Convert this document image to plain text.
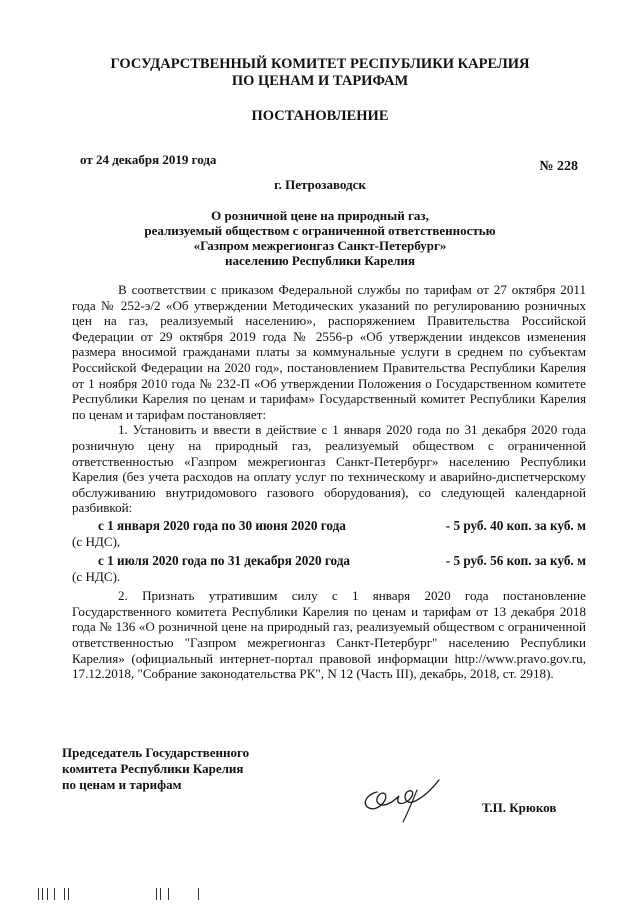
ГОСУДАРСТВЕННЫЙ КОМИТЕТ РЕСПУБЛИКИ КАРЕЛИЯ
ПО ЦЕНАМ И ТАРИФАМ
ПОСТАНОВЛЕНИЕ
от 24 декабря 2019 года	№ 228
г. Петрозаводск
О розничной цене на природный газ,
реализуемый обществом с ограниченной ответственностью
«Газпром межрегионгаз Санкт-Петербург»
населению Республики Карелия

В соответствии с приказом Федеральной службы по тарифам от 27 октября 2011 года № 252-э/2 «Об утверждении Методических указаний по регулированию розничных цен на газ, реализуемый населению», распоряжением Правительства Российской Федерации от 29 октября 2019 года № 2556-р «Об утверждении индексов изменения размера вносимой гражданами платы за коммунальные услуги в среднем по субъектам Российской Федерации на 2020 год», постановлением Правительства Республики Карелия от 1 ноября 2010 года № 232-П «Об утверждении Положения о Государственном комитете Республики Карелия по ценам и тарифам» Государственный комитет Республики Карелия по ценам и тарифам постановляет:

1. Установить и ввести в действие с 1 января 2020 года по 31 декабря 2020 года розничную цену на природный газ, реализуемый обществом с ограниченной ответственностью «Газпром межрегионгаз Санкт-Петербург» населению Республики Карелия (без учета расходов на оплату услуг по техническому и аварийно-диспетчерскому обслуживанию внутридомового газового оборудования), со следующей календарной разбивкой:

с 1 января 2020 года по 30 июня 2020 года	- 5 руб. 40 коп. за куб. м
(с НДС),
с 1 июля 2020 года по 31 декабря 2020 года	- 5 руб. 56 коп. за куб. м
(с НДС).

2. Признать утратившим силу с 1 января 2020 года постановление Государственного комитета Республики Карелия по ценам и тарифам от 13 декабря 2018 года № 136 «О розничной цене на природный газ, реализуемый обществом с ограниченной ответственностью "Газпром межрегионгаз Санкт-Петербург" населению Республики Карелия» (официальный интернет-портал правовой информации http://www.pravo.gov.ru, 17.12.2018, "Собрание законодательства РК", N 12 (Часть III), декабрь, 2018, ст. 2918).

Председатель Государственного
комитета Республики Карелия
по ценам и тарифам
Т.П. Крюков
